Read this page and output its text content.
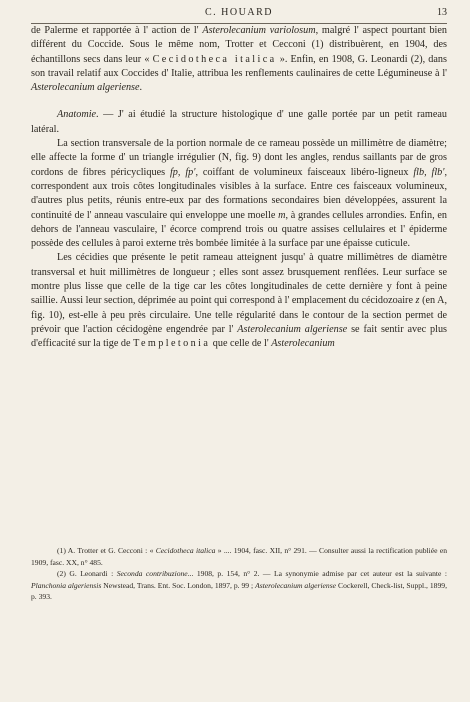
C. HOUARD	13

de Palerme et rapportée à l' action de l' Asterolecanium variolosum, malgré l' aspect pourtant bien différent du Coccide. Sous le même nom, Trotter et Cecconi (1) distribuèrent, en 1904, des échantillons secs dans leur « Cecidotheca italica ». Enfin, en 1908, G. Leonardi (2), dans son travail relatif aux Coccides d' Italie, attribua les renflements caulinaires de cette Légumineuse à l' Asterolecanium algeriense.

Anatomie. — J' ai étudié la structure histologique d' une galle portée par un petit rameau latéral.

La section transversale de la portion normale de ce rameau possède un millimètre de diamètre; elle affecte la forme d' un triangle irrégulier (N, fig. 9) dont les angles, rendus saillants par de gros cordons de fibres péricycliques fp, fp', coiffant de volumineux faisceaux libéro-ligneux flb, flb', correspondent aux trois côtes longitudinales visibles à la surface. Entre ces faisceaux volumineux, d'autres plus petits, réunis entre-eux par des formations secondaires bien développées, assurent la continuité de l' anneau vasculaire qui enveloppe une moelle m, à grandes cellules arrondies. Enfin, en dehors de l'anneau vasculaire, l' écorce comprend trois ou quatre assises cellulaires et l' épiderme possède des cellules à paroi externe très bombée limitée à la surface par une épaisse cuticule.

Les cécidies que présente le petit rameau atteignent jusqu' à quatre millimètres de diamètre transversal et huit millimètres de longueur ; elles sont assez brusquement renflées. Leur surface se montre plus lisse que celle de la tige car les côtes longitudinales de cette dernière y font à peine saillie. Aussi leur section, déprimée au point qui correspond à l' emplacement du cécidozoaire z (en A, fig. 10), est-elle à peu près circulaire. Une telle régularité dans le contour de la section permet de prévoir que l'action cécidogène engendrée par l' Asterolecanium algeriense se fait sentir avec plus d'efficacité sur la tige de Templetonia que celle de l' Asterolecanium

(1) A. Trotter et G. Cecconi : « Cecidotheca italica » .... 1904, fasc. XII, n° 291. — Consulter aussi la rectification publiée en 1909, fasc. XX, n° 485.

(2) G. Leonardi : Seconda contribuzione... 1908, p. 154, n° 2. — La synonymie admise par cet auteur est la suivante : Planchonia algeriensis Newstead, Trans. Ent. Soc. London, 1897, p. 99 ; Asterolecanium algeriense Cockerell, Check-list, Suppl., 1899, p. 393.
